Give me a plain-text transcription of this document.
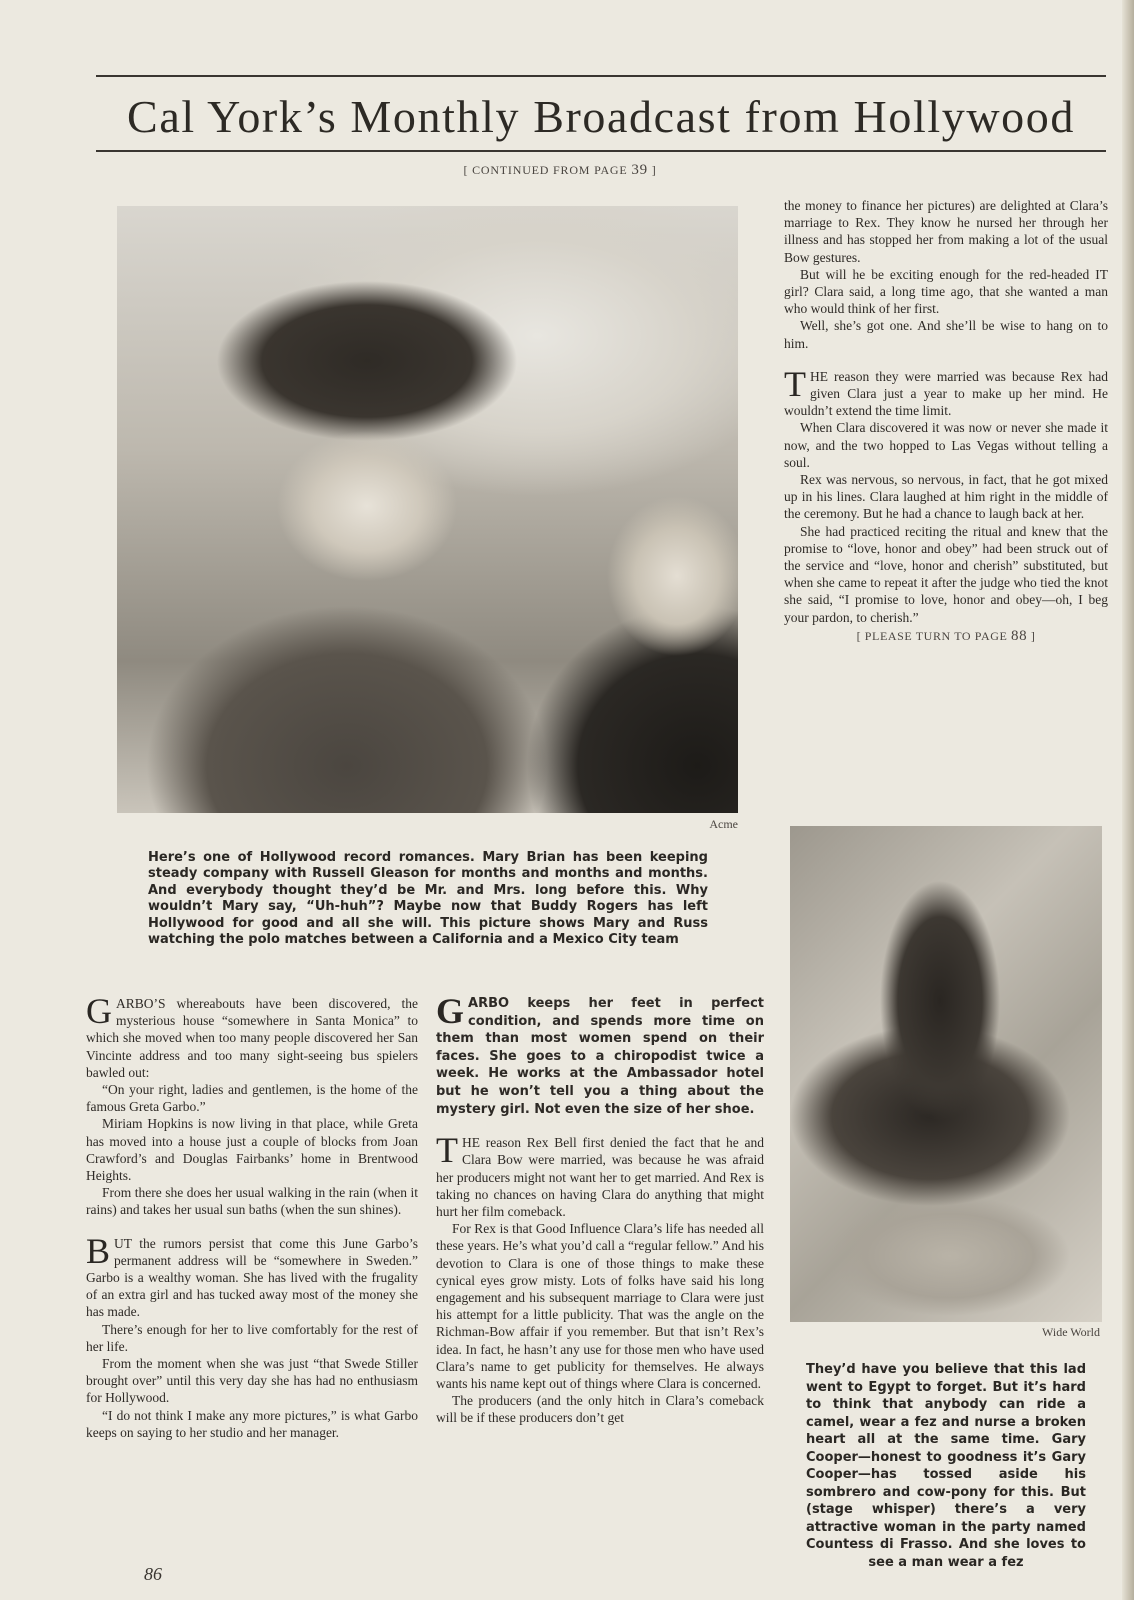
Cal York’s Monthly Broadcast from Hollywood
[ CONTINUED FROM PAGE 39 ]
Acme

Here’s one of Hollywood record romances. Mary Brian has been keeping steady company with Russell Gleason for months and months and months. And everybody thought they’d be Mr. and Mrs. long before this. Why wouldn’t Mary say, “Uh-huh”? Maybe now that Buddy Rogers has left Hollywood for good and all she will. This picture shows Mary and Russ watching the polo matches between a California and a Mexico City team

Wide World

They’d have you believe that this lad went to Egypt to forget. But it’s hard to think that anybody can ride a camel, wear a fez and nurse a broken heart all at the same time. Gary Cooper—honest to goodness it’s Gary Cooper—has tossed aside his sombrero and cow-pony for this. But (stage whisper) there’s a very attractive woman in the party named Countess di Frasso. And she loves to see a man wear a fez

the money to finance her pictures) are delighted at Clara’s marriage to Rex. They know he nursed her through her illness and has stopped her from making a lot of the usual Bow gestures.

But will he be exciting enough for the red-headed IT girl? Clara said, a long time ago, that she wanted a man who would think of her first.

Well, she’s got one. And she’ll be wise to hang on to him.

THE reason they were married was because Rex had given Clara just a year to make up her mind. He wouldn’t extend the time limit.

When Clara discovered it was now or never she made it now, and the two hopped to Las Vegas without telling a soul.

Rex was nervous, so nervous, in fact, that he got mixed up in his lines. Clara laughed at him right in the middle of the ceremony. But he had a chance to laugh back at her.

She had practiced reciting the ritual and knew that the promise to “love, honor and obey” had been struck out of the service and “love, honor and cherish” substituted, but when she came to repeat it after the judge who tied the knot she said, “I promise to love, honor and obey—oh, I beg your pardon, to cherish.”

[ PLEASE TURN TO PAGE 88 ]

GARBO’S whereabouts have been discovered, the mysterious house “somewhere in Santa Monica” to which she moved when too many people discovered her San Vincinte address and too many sight-seeing bus spielers bawled out:

“On your right, ladies and gentlemen, is the home of the famous Greta Garbo.”

Miriam Hopkins is now living in that place, while Greta has moved into a house just a couple of blocks from Joan Crawford’s and Douglas Fairbanks’ home in Brentwood Heights.

From there she does her usual walking in the rain (when it rains) and takes her usual sun baths (when the sun shines).

BUT the rumors persist that come this June Garbo’s permanent address will be “somewhere in Sweden.” Garbo is a wealthy woman. She has lived with the frugality of an extra girl and has tucked away most of the money she has made.

There’s enough for her to live comfortably for the rest of her life.

From the moment when she was just “that Swede Stiller brought over” until this very day she has had no enthusiasm for Hollywood.

“I do not think I make any more pictures,” is what Garbo keeps on saying to her studio and her manager.

GARBO keeps her feet in perfect condition, and spends more time on them than most women spend on their faces. She goes to a chiropodist twice a week. He works at the Ambassador hotel but he won’t tell you a thing about the mystery girl. Not even the size of her shoe.

THE reason Rex Bell first denied the fact that he and Clara Bow were married, was because he was afraid her producers might not want her to get married. And Rex is taking no chances on having Clara do anything that might hurt her film comeback.

For Rex is that Good Influence Clara’s life has needed all these years. He’s what you’d call a “regular fellow.” And his devotion to Clara is one of those things to make these cynical eyes grow misty. Lots of folks have said his long engagement and his subsequent marriage to Clara were just his attempt for a little publicity. That was the angle on the Richman-Bow affair if you remember. But that isn’t Rex’s idea. In fact, he hasn’t any use for those men who have used Clara’s name to get publicity for themselves. He always wants his name kept out of things where Clara is concerned.

The producers (and the only hitch in Clara’s comeback will be if these producers don’t get

86
